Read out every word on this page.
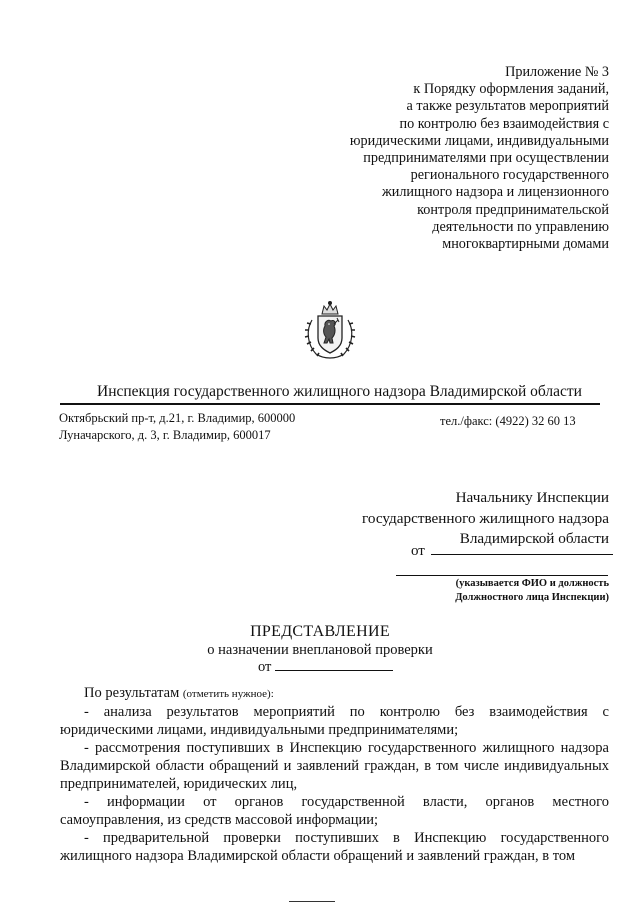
Приложение № 3
к Порядку оформления заданий,
а также результатов мероприятий
по контролю без взаимодействия с
юридическими лицами, индивидуальными
предпринимателями при осуществлении
регионального государственного
жилищного надзора и лицензионного
контроля предпринимательской
деятельности по управлению
многоквартирными домами
Инспекция государственного жилищного надзора Владимирской области
Октябрьский пр-т, д.21, г. Владимир, 600000
Луначарского, д. 3, г. Владимир, 600017
тел./факс: (4922) 32 60 13
Начальнику Инспекции
государственного жилищного надзора
Владимирской области
от
(указывается ФИО и должность
Должностного лица Инспекции)
ПРЕДСТАВЛЕНИЕ
о назначении внеплановой проверки
от
По результатам (отметить нужное):
- анализа результатов мероприятий по контролю без взаимодействия с
юридическими лицами, индивидуальными предпринимателями;
- рассмотрения поступивших в Инспекцию государственного жилищного надзора
Владимирской области обращений и заявлений граждан, в том числе индивидуальных предпринимателей, юридических лиц,
- информации от органов государственной власти, органов местного
самоуправления, из средств массовой информации;
- предварительной проверки поступивших в Инспекцию государственного
жилищного надзора Владимирской области обращений и заявлений граждан, в том
